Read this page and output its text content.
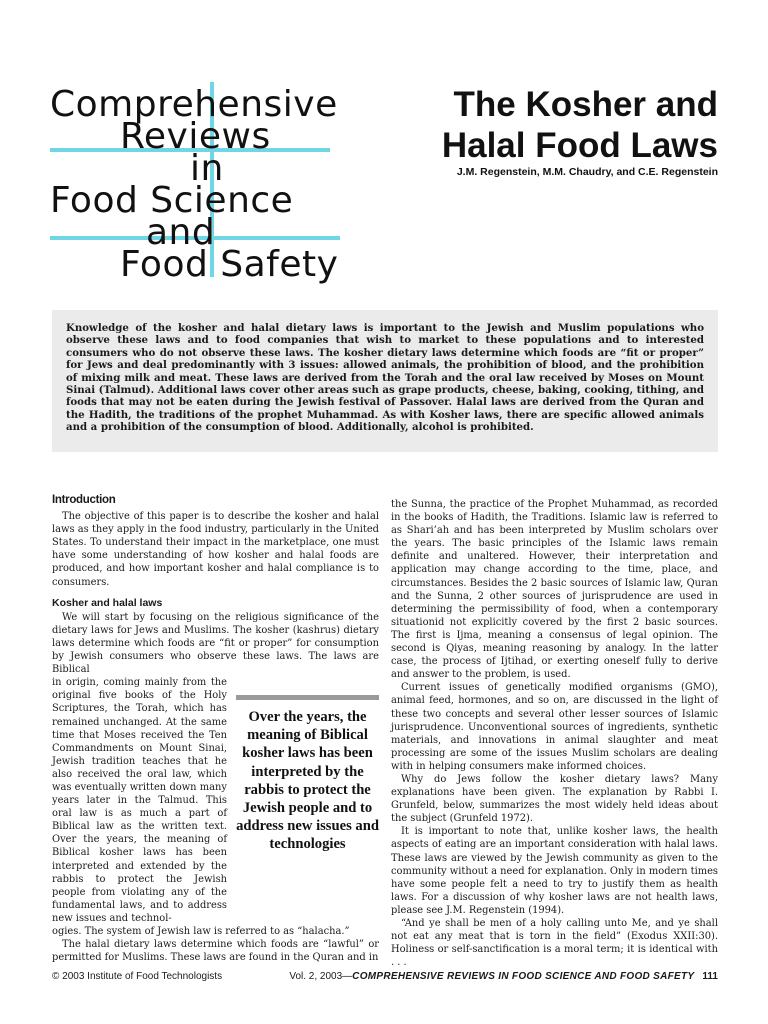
Comprehensive
Reviews
in
Food Science
and
Food Safety
The Kosher and
Halal Food Laws
J.M. Regenstein, M.M. Chaudry, and C.E. Regenstein

Knowledge of the kosher and halal dietary laws is important to the Jewish and Muslim populations who observe these laws and to food companies that wish to market to these populations and to interested consumers who do not observe these laws. The kosher dietary laws determine which foods are “fit or proper” for Jews and deal predominantly with 3 issues: allowed animals, the prohibition of blood, and the prohibition of mixing milk and meat. These laws are derived from the Torah and the oral law received by Moses on Mount Sinai (Talmud). Additional laws cover other areas such as grape products, cheese, baking, cooking, tithing, and foods that may not be eaten during the Jewish festival of Passover. Halal laws are derived from the Quran and the Hadith, the traditions of the prophet Muhammad. As with Kosher laws, there are specific allowed animals and a prohibition of the consumption of blood. Additionally, alcohol is prohibited.

Introduction

The objective of this paper is to describe the kosher and halal laws as they apply in the food industry, particularly in the United States. To understand their impact in the marketplace, one must have some understanding of how kosher and halal foods are produced, and how important kosher and halal compliance is to consumers.

Kosher and halal laws

We will start by focusing on the religious significance of the dietary laws for Jews and Muslims. The kosher (kashrus) dietary laws determine which foods are “fit or proper” for consumption by Jewish consumers who observe these laws. The laws are Biblical

in origin, coming mainly from the original five books of the Holy Scriptures, the Torah, which has remained unchanged. At the same time that Moses received the Ten Commandments on Mount Sinai, Jewish tradition teaches that he also received the oral law, which was eventually written down many years later in the Talmud. This oral law is as much a part of Biblical law as the written text. Over the years, the meaning of Biblical kosher laws has been interpreted and extended by the rabbis to protect the Jewish people from violating any of the fundamental laws, and to address new issues and technol-

ogies. The system of Jewish law is referred to as “halacha.”

The halal dietary laws determine which foods are “lawful” or permitted for Muslims. These laws are found in the Quran and in

Over the years, the meaning of Biblical kosher laws has been interpreted by the rabbis to protect the Jewish people and to address new issues and technologies

the Sunna, the practice of the Prophet Muhammad, as recorded in the books of Hadith, the Traditions. Islamic law is referred to as Shari’ah and has been interpreted by Muslim scholars over the years. The basic principles of the Islamic laws remain definite and unaltered. However, their interpretation and application may change according to the time, place, and circumstances. Besides the 2 basic sources of Islamic law, Quran and the Sunna, 2 other sources of jurisprudence are used in determining the permissibility of food, when a contemporary situationid not explicitly covered by the first 2 basic sources. The first is Ijma, meaning a consensus of legal opinion. The second is Qiyas, meaning reasoning by analogy. In the latter case, the process of Ijtihad, or exerting oneself fully to derive and answer to the problem, is used.

Current issues of genetically modified organisms (GMO), animal feed, hormones, and so on, are discussed in the light of these two concepts and several other lesser sources of Islamic jurisprudence. Unconventional sources of ingredients, synthetic materials, and innovations in animal slaughter and meat processing are some of the issues Muslim scholars are dealing with in helping consumers make informed choices.

Why do Jews follow the kosher dietary laws? Many explanations have been given. The explanation by Rabbi I. Grunfeld, below, summarizes the most widely held ideas about the subject (Grunfeld 1972).

It is important to note that, unlike kosher laws, the health aspects of eating are an important consideration with halal laws. These laws are viewed by the Jewish community as given to the community without a need for explanation. Only in modern times have some people felt a need to try to justify them as health laws. For a discussion of why kosher laws are not health laws, please see J.M. Regenstein (1994).

“And ye shall be men of a holy calling unto Me, and ye shall not eat any meat that is torn in the field” (Exodus XXII:30). Holiness or self-sanctification is a moral term; it is identical with . . .

© 2003 Institute of Food Technologists	Vol. 2, 2003—COMPREHENSIVE REVIEWS IN FOOD SCIENCE AND FOOD SAFETY 111
